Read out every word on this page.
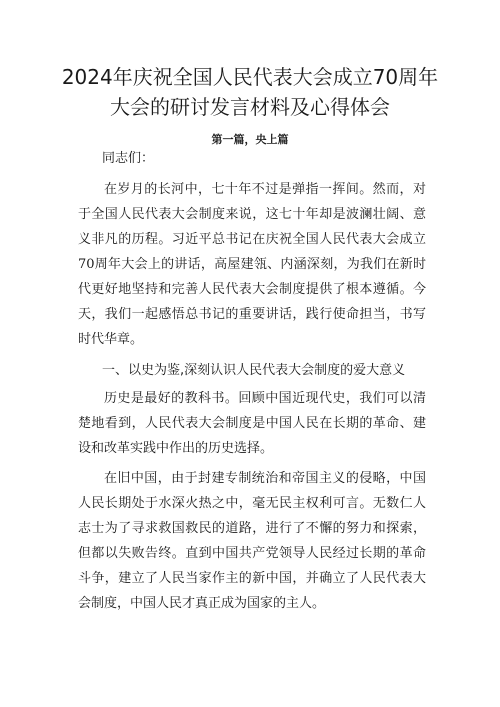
2024年庆祝全国人民代表大会成立70周年
大会的研讨发言材料及心得体会
第一篇，央上篇
同志们：

在岁月的长河中，七十年不过是弹指一挥间。然而，对于全国人民代表大会制度来说，这七十年却是波澜壮阔、意义非凡的历程。习近平总书记在庆祝全国人民代表大会成立70周年大会上的讲话，高屋建瓴、内涵深刻，为我们在新时代更好地坚持和完善人民代表大会制度提供了根本遵循。今天，我们一起感悟总书记的重要讲话，践行使命担当，书写时代华章。

一、以史为鉴,深刻认识人民代表大会制度的爱大意义

历史是最好的教科书。回顾中国近现代史，我们可以清楚地看到，人民代表大会制度是中国人民在长期的革命、建设和改革实践中作出的历史选择。

在旧中国，由于封建专制统治和帝国主义的侵略，中国人民长期处于水深火热之中，毫无民主权利可言。无数仁人志士为了寻求救国救民的道路，进行了不懈的努力和探索，但都以失败告终。直到中国共产党领导人民经过长期的革命斗争，建立了人民当家作主的新中国，并确立了人民代表大会制度，中国人民才真正成为国家的主人。
